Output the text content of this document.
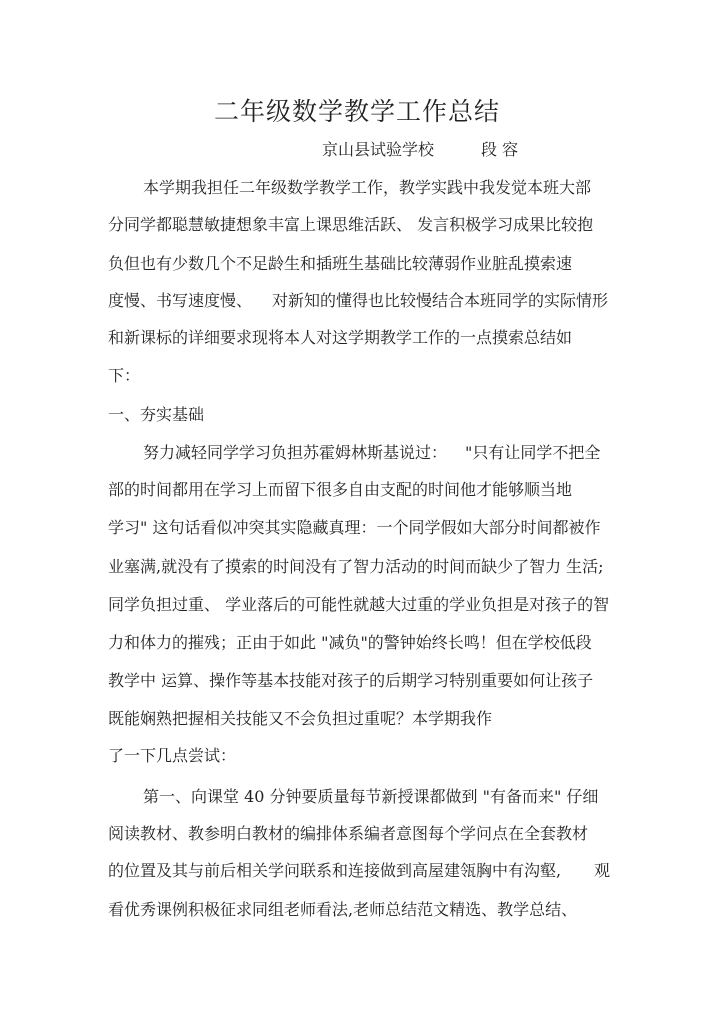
二年级数学教学工作总结
京山县试验学校	段 容
本学期我担任二年级数学教学工作，教学实践中我发觉本班大部
分同学都聪慧敏捷想象丰富上课思维活跃、 发言积极学习成果比较抱
负但也有少数几个不足龄生和插班生基础比较薄弱作业脏乱摸索速
度慢、书写速度慢、 对新知的懂得也比较慢结合本班同学的实际情形
和新课标的详细要求现将本人对这学期教学工作的一点摸索总结如
下：
一、夯实基础
努力减轻同学学习负担苏霍姆林斯基说过： "只有让同学不把全
部的时间都用在学习上而留下很多自由支配的时间他才能够顺当地
学习" 这句话看似冲突其实隐藏真理：一个同学假如大部分时间都被作
业塞满,就没有了摸索的时间没有了智力活动的时间而缺少了智力 生活;
同学负担过重、 学业落后的可能性就越大过重的学业负担是对孩子的智
力和体力的摧残；正由于如此 "减负"的警钟始终长鸣！但在学校低段
教学中 运算、操作等基本技能对孩子的后期学习特别重要如何让孩子
既能娴熟把握相关技能又不会负担过重呢？本学期我作
了一下几点尝试：
第一、向课堂 40 分钟要质量每节新授课都做到 "有备而来" 仔细
阅读教材、教参明白教材的编排体系编者意图每个学问点在全套教材
的位置及其与前后相关学问联系和连接做到高屋建瓴胸中有沟壑, 观
看优秀课例积极征求同组老师看法,老师总结范文精选、教学总结、
